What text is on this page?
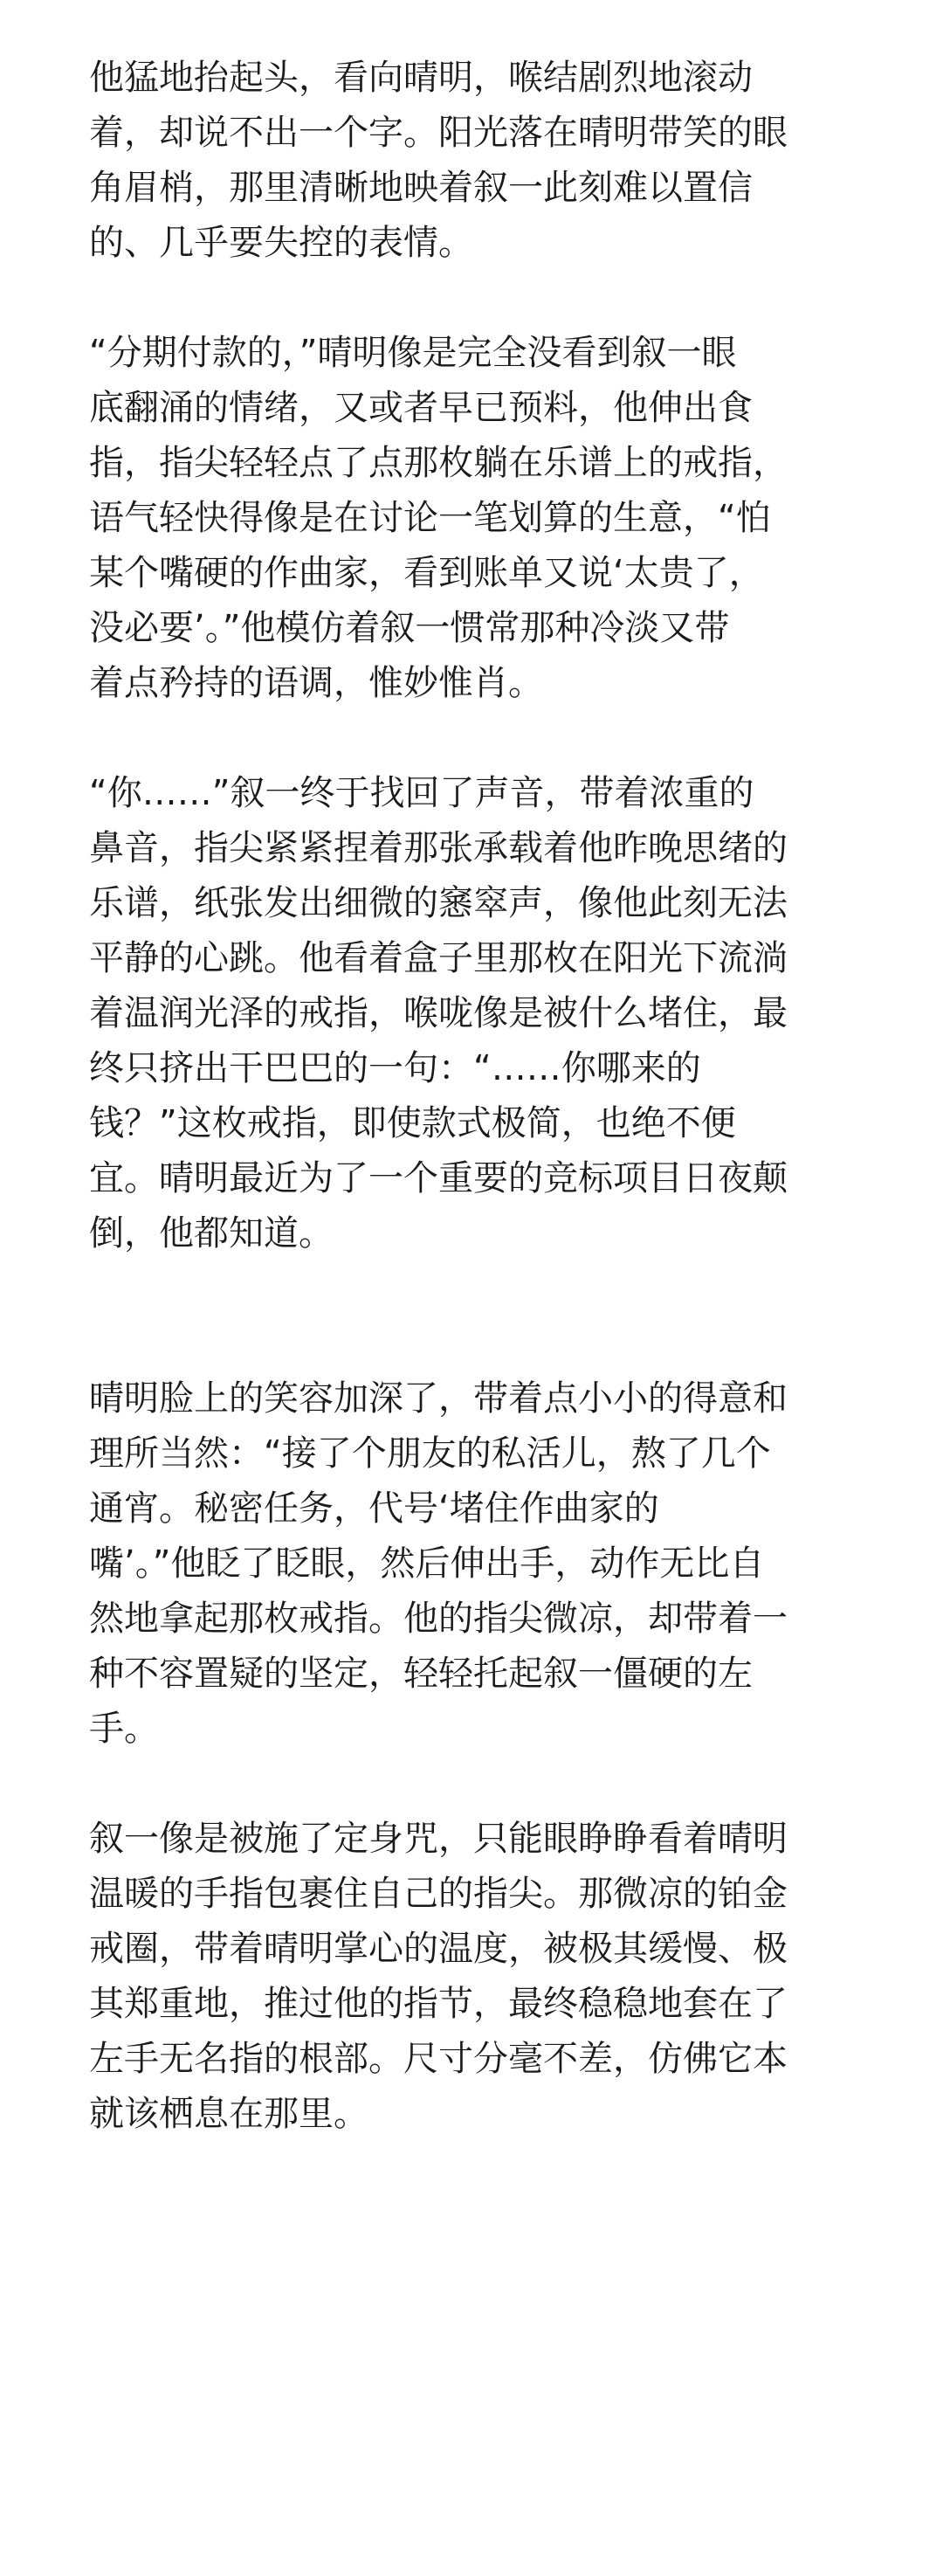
他猛地抬起头，看向晴明，喉结剧烈地滚动
着，却说不出一个字。阳光落在晴明带笑的眼
角眉梢，那里清晰地映着叙一此刻难以置信
的、几乎要失控的表情。
“分期付款的，”晴明像是完全没看到叙一眼
底翻涌的情绪，又或者早已预料，他伸出食
指，指尖轻轻点了点那枚躺在乐谱上的戒指，
语气轻快得像是在讨论一笔划算的生意，“怕
某个嘴硬的作曲家，看到账单又说‘太贵了，
没必要’。”他模仿着叙一惯常那种冷淡又带
着点矜持的语调，惟妙惟肖。
“你……”叙一终于找回了声音，带着浓重的
鼻音，指尖紧紧捏着那张承载着他昨晚思绪的
乐谱，纸张发出细微的窸窣声，像他此刻无法
平静的心跳。他看着盒子里那枚在阳光下流淌
着温润光泽的戒指，喉咙像是被什么堵住，最
终只挤出干巴巴的一句：“……你哪来的
钱？”这枚戒指，即使款式极简，也绝不便
宜。晴明最近为了一个重要的竞标项目日夜颠
倒，他都知道。
晴明脸上的笑容加深了，带着点小小的得意和
理所当然：“接了个朋友的私活儿，熬了几个
通宵。秘密任务，代号‘堵住作曲家的
嘴’。”他眨了眨眼，然后伸出手，动作无比自
然地拿起那枚戒指。他的指尖微凉，却带着一
种不容置疑的坚定，轻轻托起叙一僵硬的左
手。
叙一像是被施了定身咒，只能眼睁睁看着晴明
温暖的手指包裹住自己的指尖。那微凉的铂金
戒圈，带着晴明掌心的温度，被极其缓慢、极
其郑重地，推过他的指节，最终稳稳地套在了
左手无名指的根部。尺寸分毫不差，仿佛它本
就该栖息在那里。
